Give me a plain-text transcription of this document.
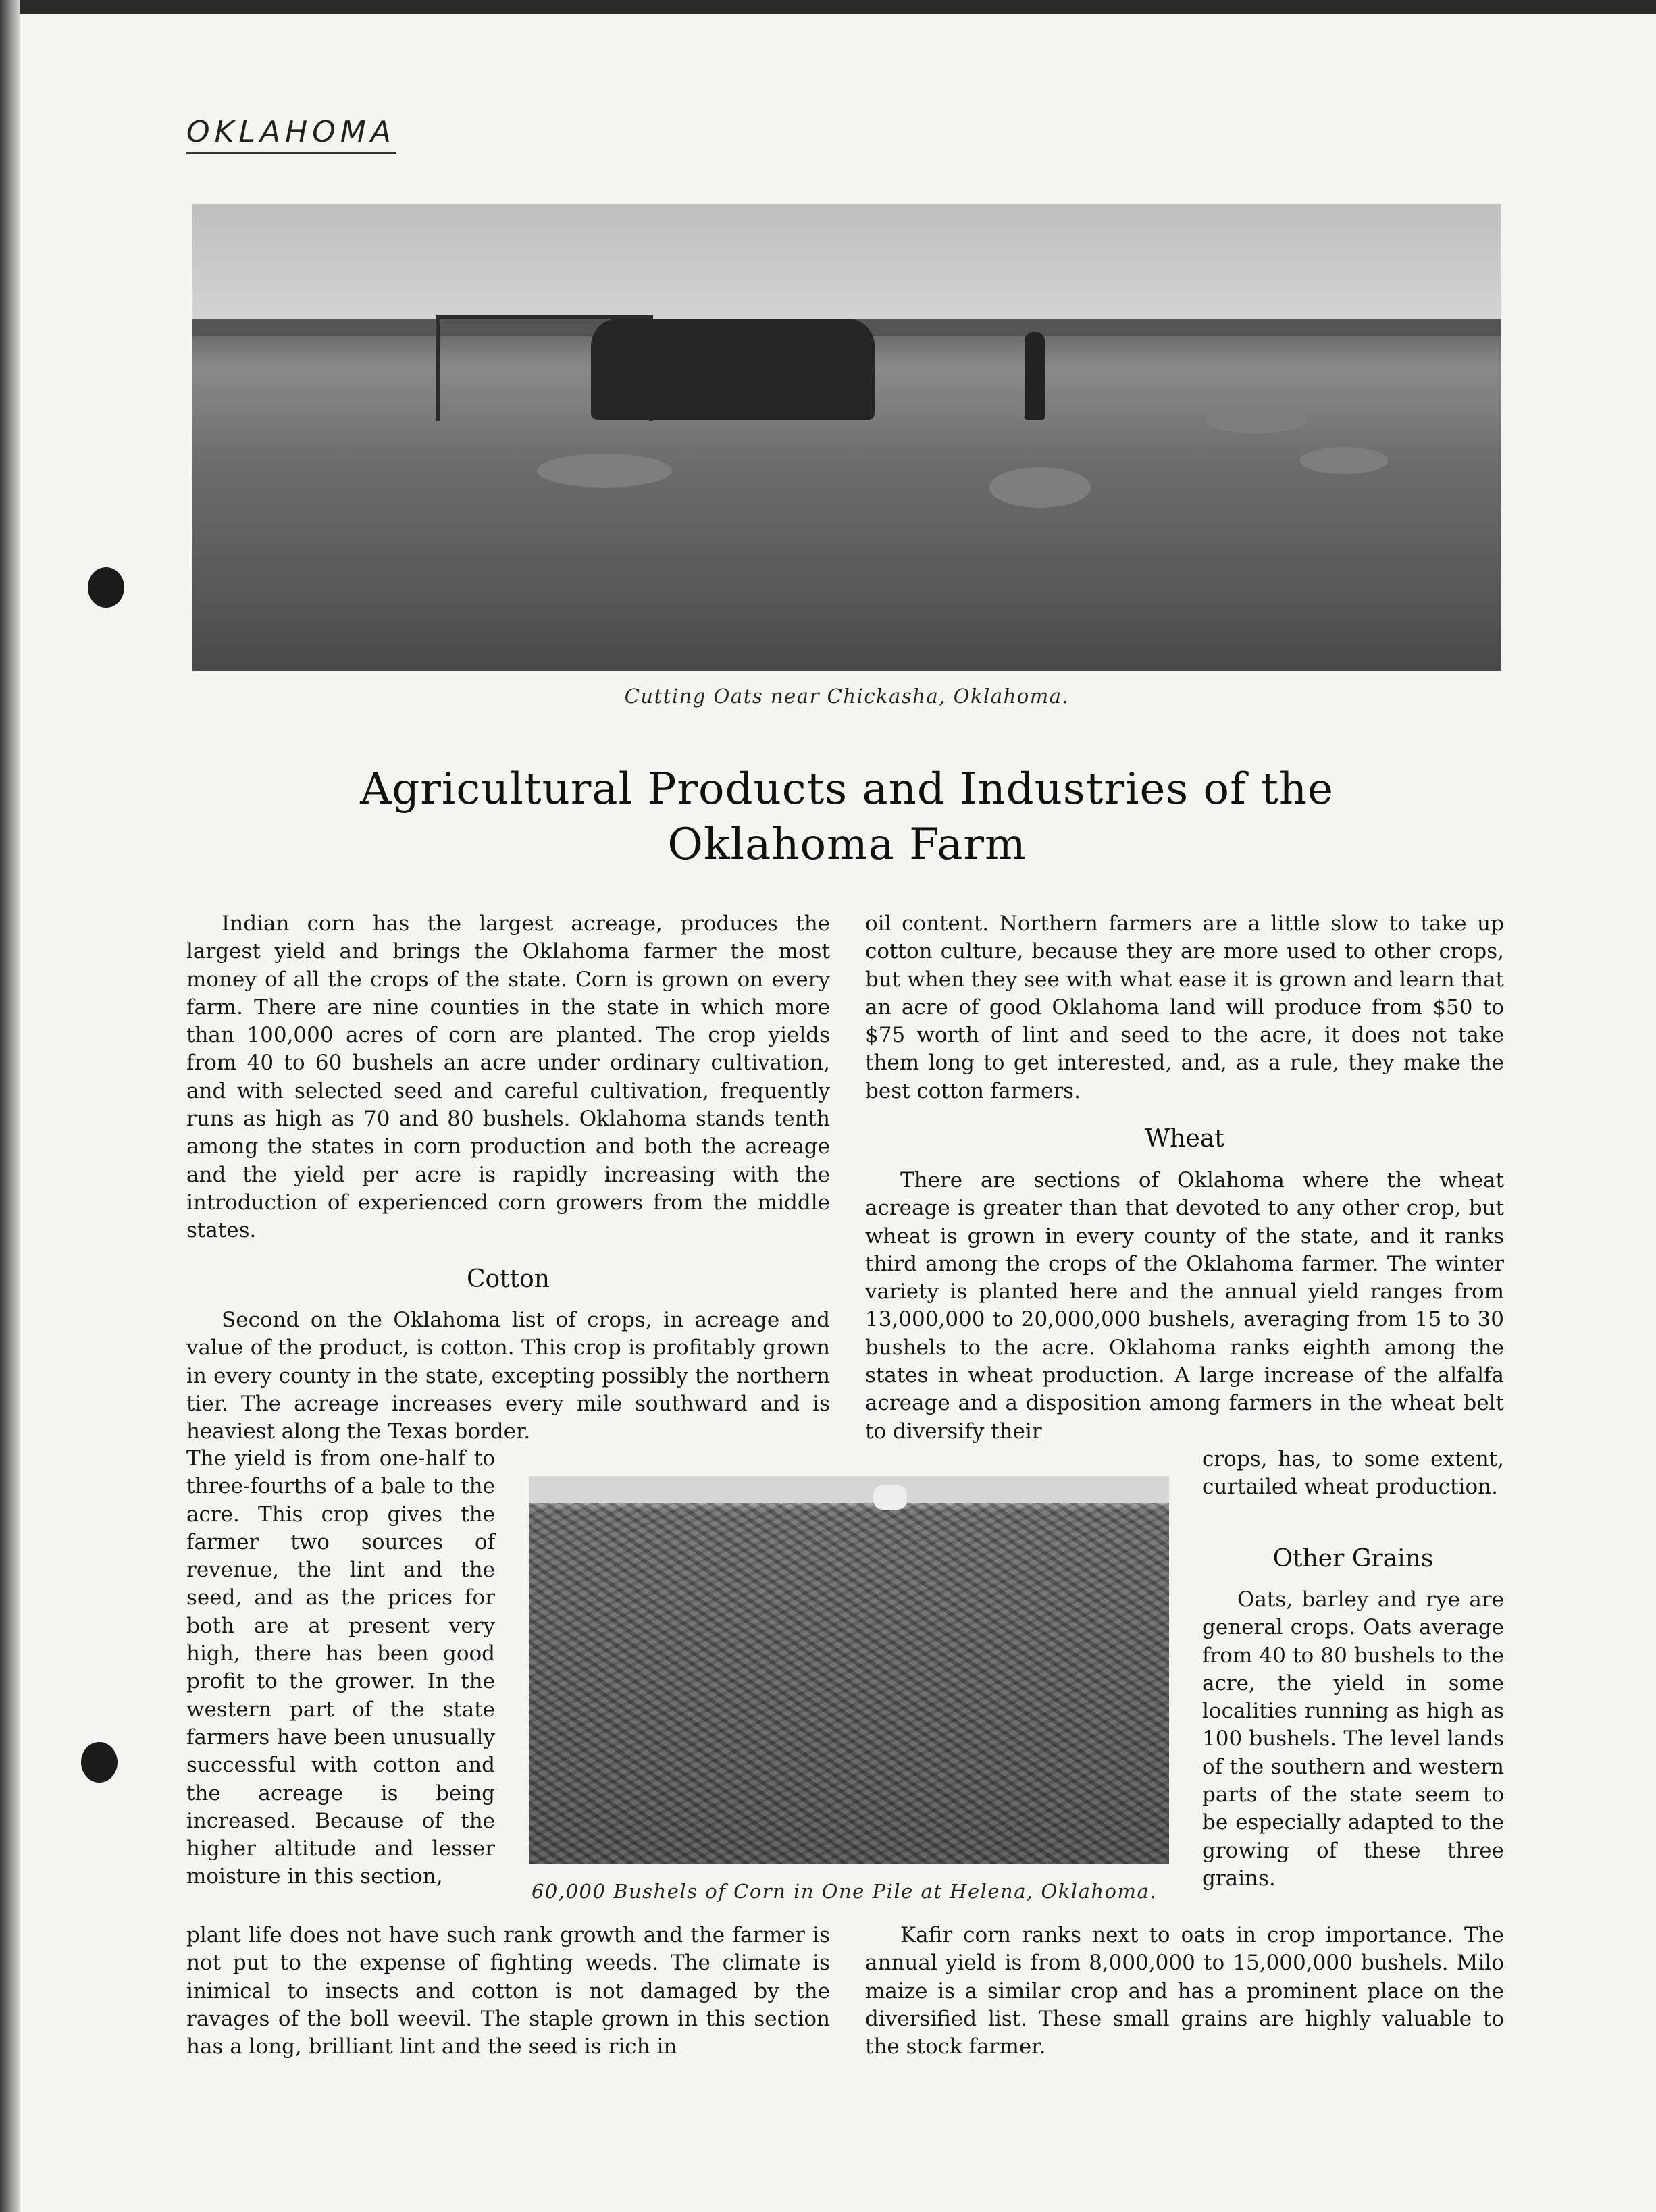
OKLAHOMA
Cutting Oats near Chickasha, Oklahoma.
Agricultural Products and Industries of the
Oklahoma Farm

Indian corn has the largest acreage, produces the largest yield and brings the Oklahoma farmer the most money of all the crops of the state. Corn is grown on every farm. There are nine counties in the state in which more than 100,000 acres of corn are planted. The crop yields from 40 to 60 bushels an acre under ordinary cultivation, and with selected seed and careful cultivation, frequently runs as high as 70 and 80 bushels. Oklahoma stands tenth among the states in corn production and both the acreage and the yield per acre is rapidly increasing with the introduction of experienced corn growers from the middle states.

Cotton

Second on the Oklahoma list of crops, in acreage and value of the product, is cotton. This crop is profitably grown in every county in the state, excepting possibly the northern tier. The acreage increases every mile southward and is heaviest along the Texas border.

The yield is from one-half to three-fourths of a bale to the acre. This crop gives the farmer two sources of revenue, the lint and the seed, and as the prices for both are at present very high, there has been good profit to the grower. In the western part of the state farmers have been unusually successful with cotton and the acreage is being increased. Because of the higher altitude and lesser moisture in this section,

plant life does not have such rank growth and the farmer is not put to the expense of fighting weeds. The climate is inimical to insects and cotton is not damaged by the ravages of the boll weevil. The staple grown in this section has a long, brilliant lint and the seed is rich in

oil content. Northern farmers are a little slow to take up cotton culture, because they are more used to other crops, but when they see with what ease it is grown and learn that an acre of good Oklahoma land will produce from $50 to $75 worth of lint and seed to the acre, it does not take them long to get interested, and, as a rule, they make the best cotton farmers.

Wheat

There are sections of Oklahoma where the wheat acreage is greater than that devoted to any other crop, but wheat is grown in every county of the state, and it ranks third among the crops of the Oklahoma farmer. The winter variety is planted here and the annual yield ranges from 13,000,000 to 20,000,000 bushels, averaging from 15 to 30 bushels to the acre. Oklahoma ranks eighth among the states in wheat production. A large increase of the alfalfa acreage and a disposition among farmers in the wheat belt to diversify their

crops, has, to some extent, curtailed wheat production.

Other Grains

Oats, barley and rye are general crops. Oats average from 40 to 80 bushels to the acre, the yield in some localities running as high as 100 bushels. The level lands of the southern and western parts of the state seem to be especially adapted to the growing of these three grains.

Kafir corn ranks next to oats in crop importance. The annual yield is from 8,000,000 to 15,000,000 bushels. Milo maize is a similar crop and has a prominent place on the diversified list. These small grains are highly valuable to the stock farmer.

60,000 Bushels of Corn in One Pile at Helena, Oklahoma.
